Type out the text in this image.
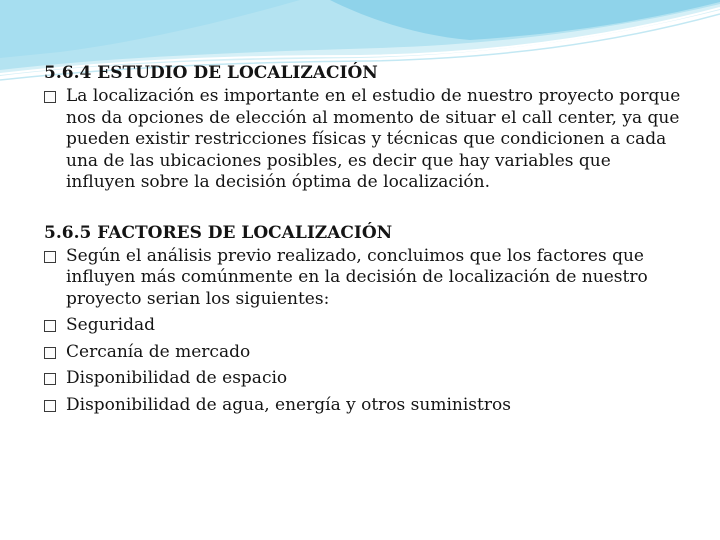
5.6.4 ESTUDIO DE LOCALIZACIÓN
La localización es importante en el estudio de nuestro proyecto porque nos da opciones de elección al momento de situar el call center, ya que pueden existir restricciones físicas y técnicas que condicionen a cada una de las ubicaciones posibles, es decir que hay variables que influyen sobre la decisión óptima de localización.
5.6.5 FACTORES DE LOCALIZACIÓN
Según el análisis previo realizado, concluimos que los factores que influyen más comúnmente en la decisión de localización de nuestro proyecto serian los siguientes:
Seguridad
Cercanía de mercado
Disponibilidad de espacio
Disponibilidad de agua, energía y otros suministros
